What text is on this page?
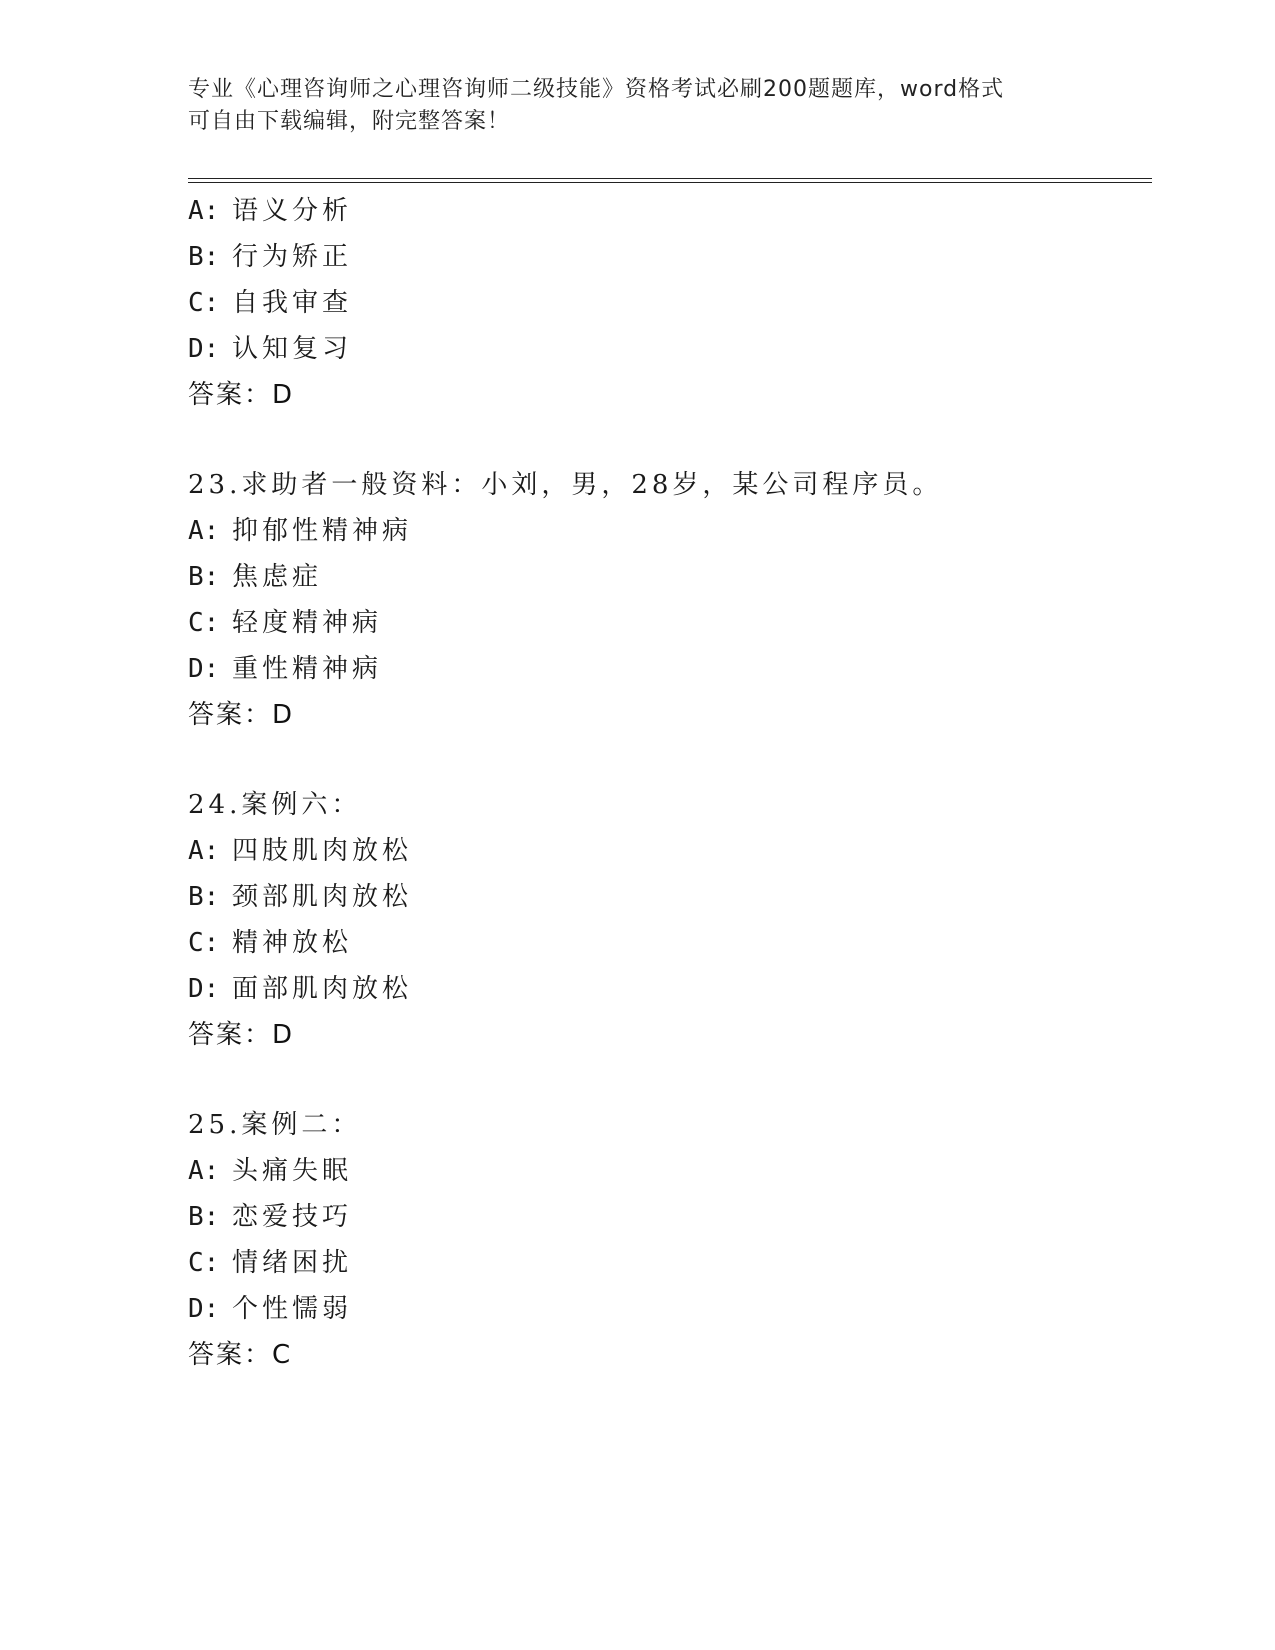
专业《心理咨询师之心理咨询师二级技能》资格考试必刷200题题库，word格式
可自由下载编辑，附完整答案！
A: 语义分析
B: 行为矫正
C: 自我审查
D: 认知复习
答案：D
23.求助者一般资料：小刘，男，28岁，某公司程序员。
A: 抑郁性精神病
B: 焦虑症
C: 轻度精神病
D: 重性精神病
答案：D
24.案例六：
A: 四肢肌肉放松
B: 颈部肌肉放松
C: 精神放松
D: 面部肌肉放松
答案：D
25.案例二：
A: 头痛失眠
B: 恋爱技巧
C: 情绪困扰
D: 个性懦弱
答案：C
